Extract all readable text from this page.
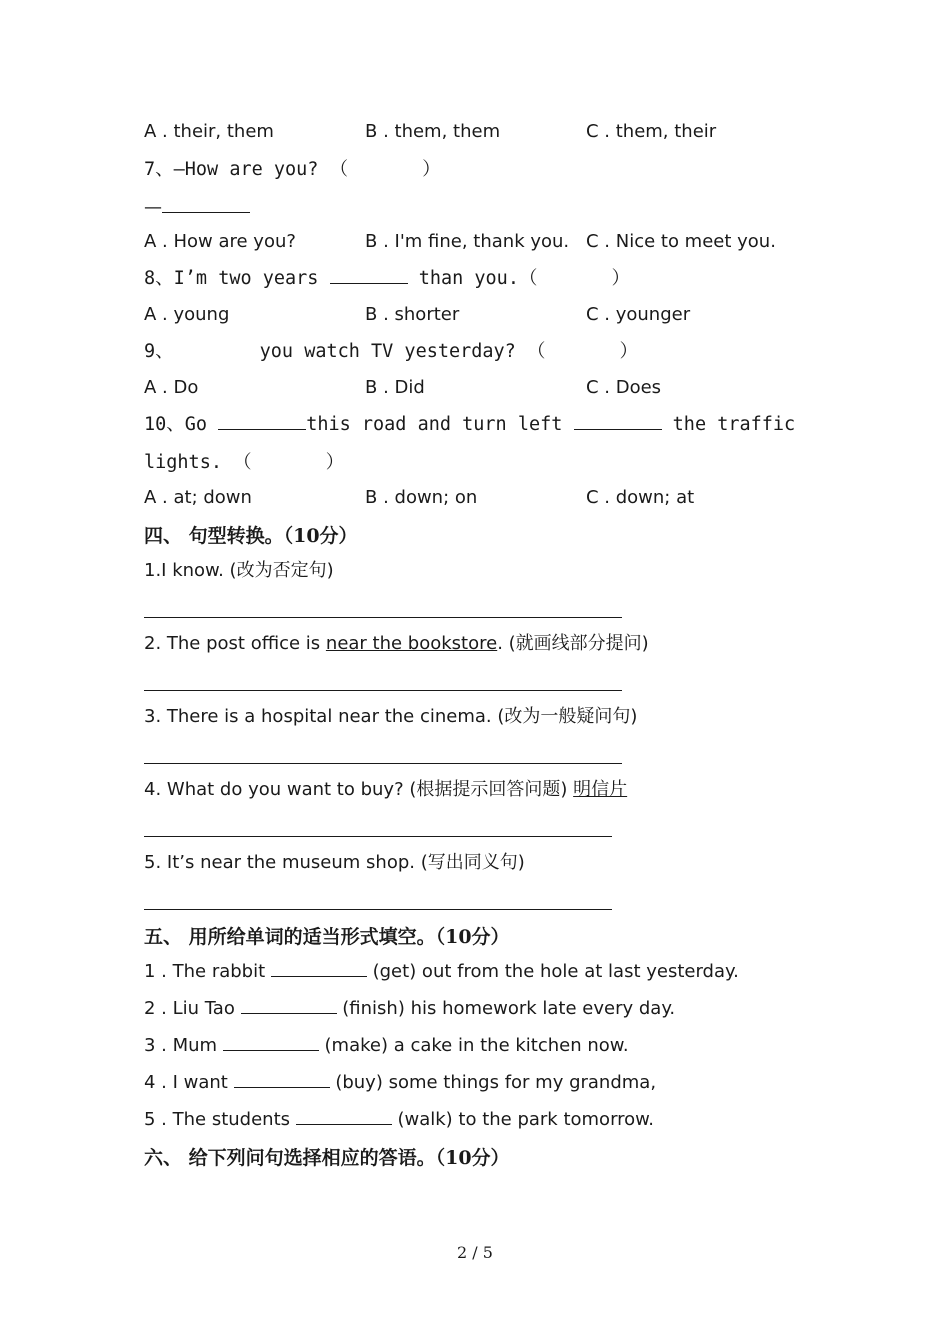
A . their, them	B . them, them	C . them, their
7、—How are you? （	）
—
A . How are you?	B . I'm fine, thank you. C . Nice to meet you.
8、I’m two years	than you.（	）
A . young	B . shorter	C . younger
9、	you watch TV yesterday? （	）
A . Do	B . Did	C . Does
10、Go	this road and turn left	the traffic
lights. （	）
A . at; down	B . down; on	C . down; at
四、 句型转换。（10分）
1.I know. (改为否定句)
2. The post office is near the bookstore. (就画线部分提问)
3. There is a hospital near the cinema. (改为一般疑问句)
4. What do you want to buy? (根据提示回答问题) 明信片
5. It’s near the museum shop. (写出同义句)
五、 用所给单词的适当形式填空。（10分）
1 . The rabbit	(get) out from the hole at last yesterday.
2 . Liu Tao	(finish) his homework late every day.
3 . Mum	(make) a cake in the kitchen now.
4 . I want	(buy) some things for my grandma,
5 . The students	(walk) to the park tomorrow.
六、 给下列问句选择相应的答语。（10分）
2 / 5
